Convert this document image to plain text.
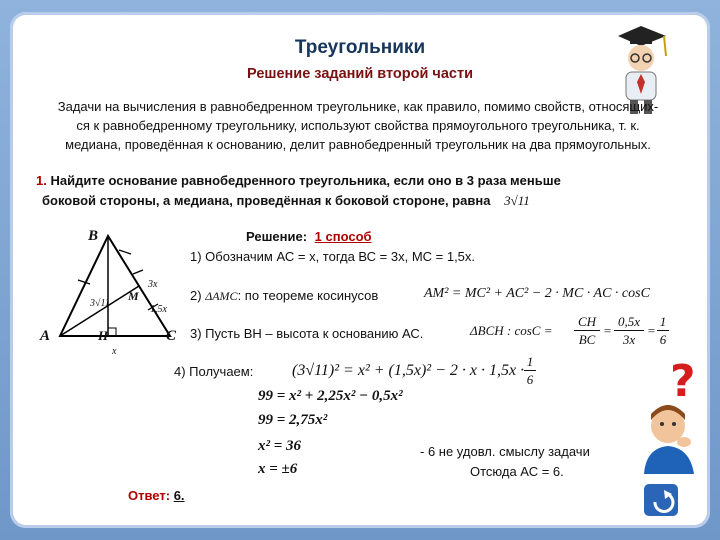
Треугольники
Решение заданий второй части
Задачи на вычисления в равнобедренном треугольнике, как правило, помимо свойств, относящих-
ся к равнобедренному треугольнику, используют свойства прямоугольного треугольника, т. к.
медиана, проведённая к основанию, делит равнобедренный треугольник на два прямоугольных.
1. Найдите основание равнобедренного треугольника, если оно в 3 раза меньше
боковой стороны, а медиана, проведённая к боковой стороне, равна 3√11
B
A	C
H
M
x
3x
3√11
1,5x
Решение: 1 способ
1) Обозначим АС = х, тогда ВС = 3х, МС = 1,5х.
2) ΔAMC: по теореме косинусов	AM² = MC² + AC² − 2 · MC · AC · cosC
3) Пусть ВН – высота к основанию АС.	ΔBCH : cosC =
CH
BC
=
0,5x
3x
=
1
6
4) Получаем: (3√11)² = x² + (1,5x)² − 2 · x · 1,5x ·
1
6
99 = x² + 2,25x² − 0,5x²
99 = 2,75x²
x² = 36
x = ±6
- 6 не удовл. смыслу задачи
Отсюда АС = 6.
Ответ: 6.
?
